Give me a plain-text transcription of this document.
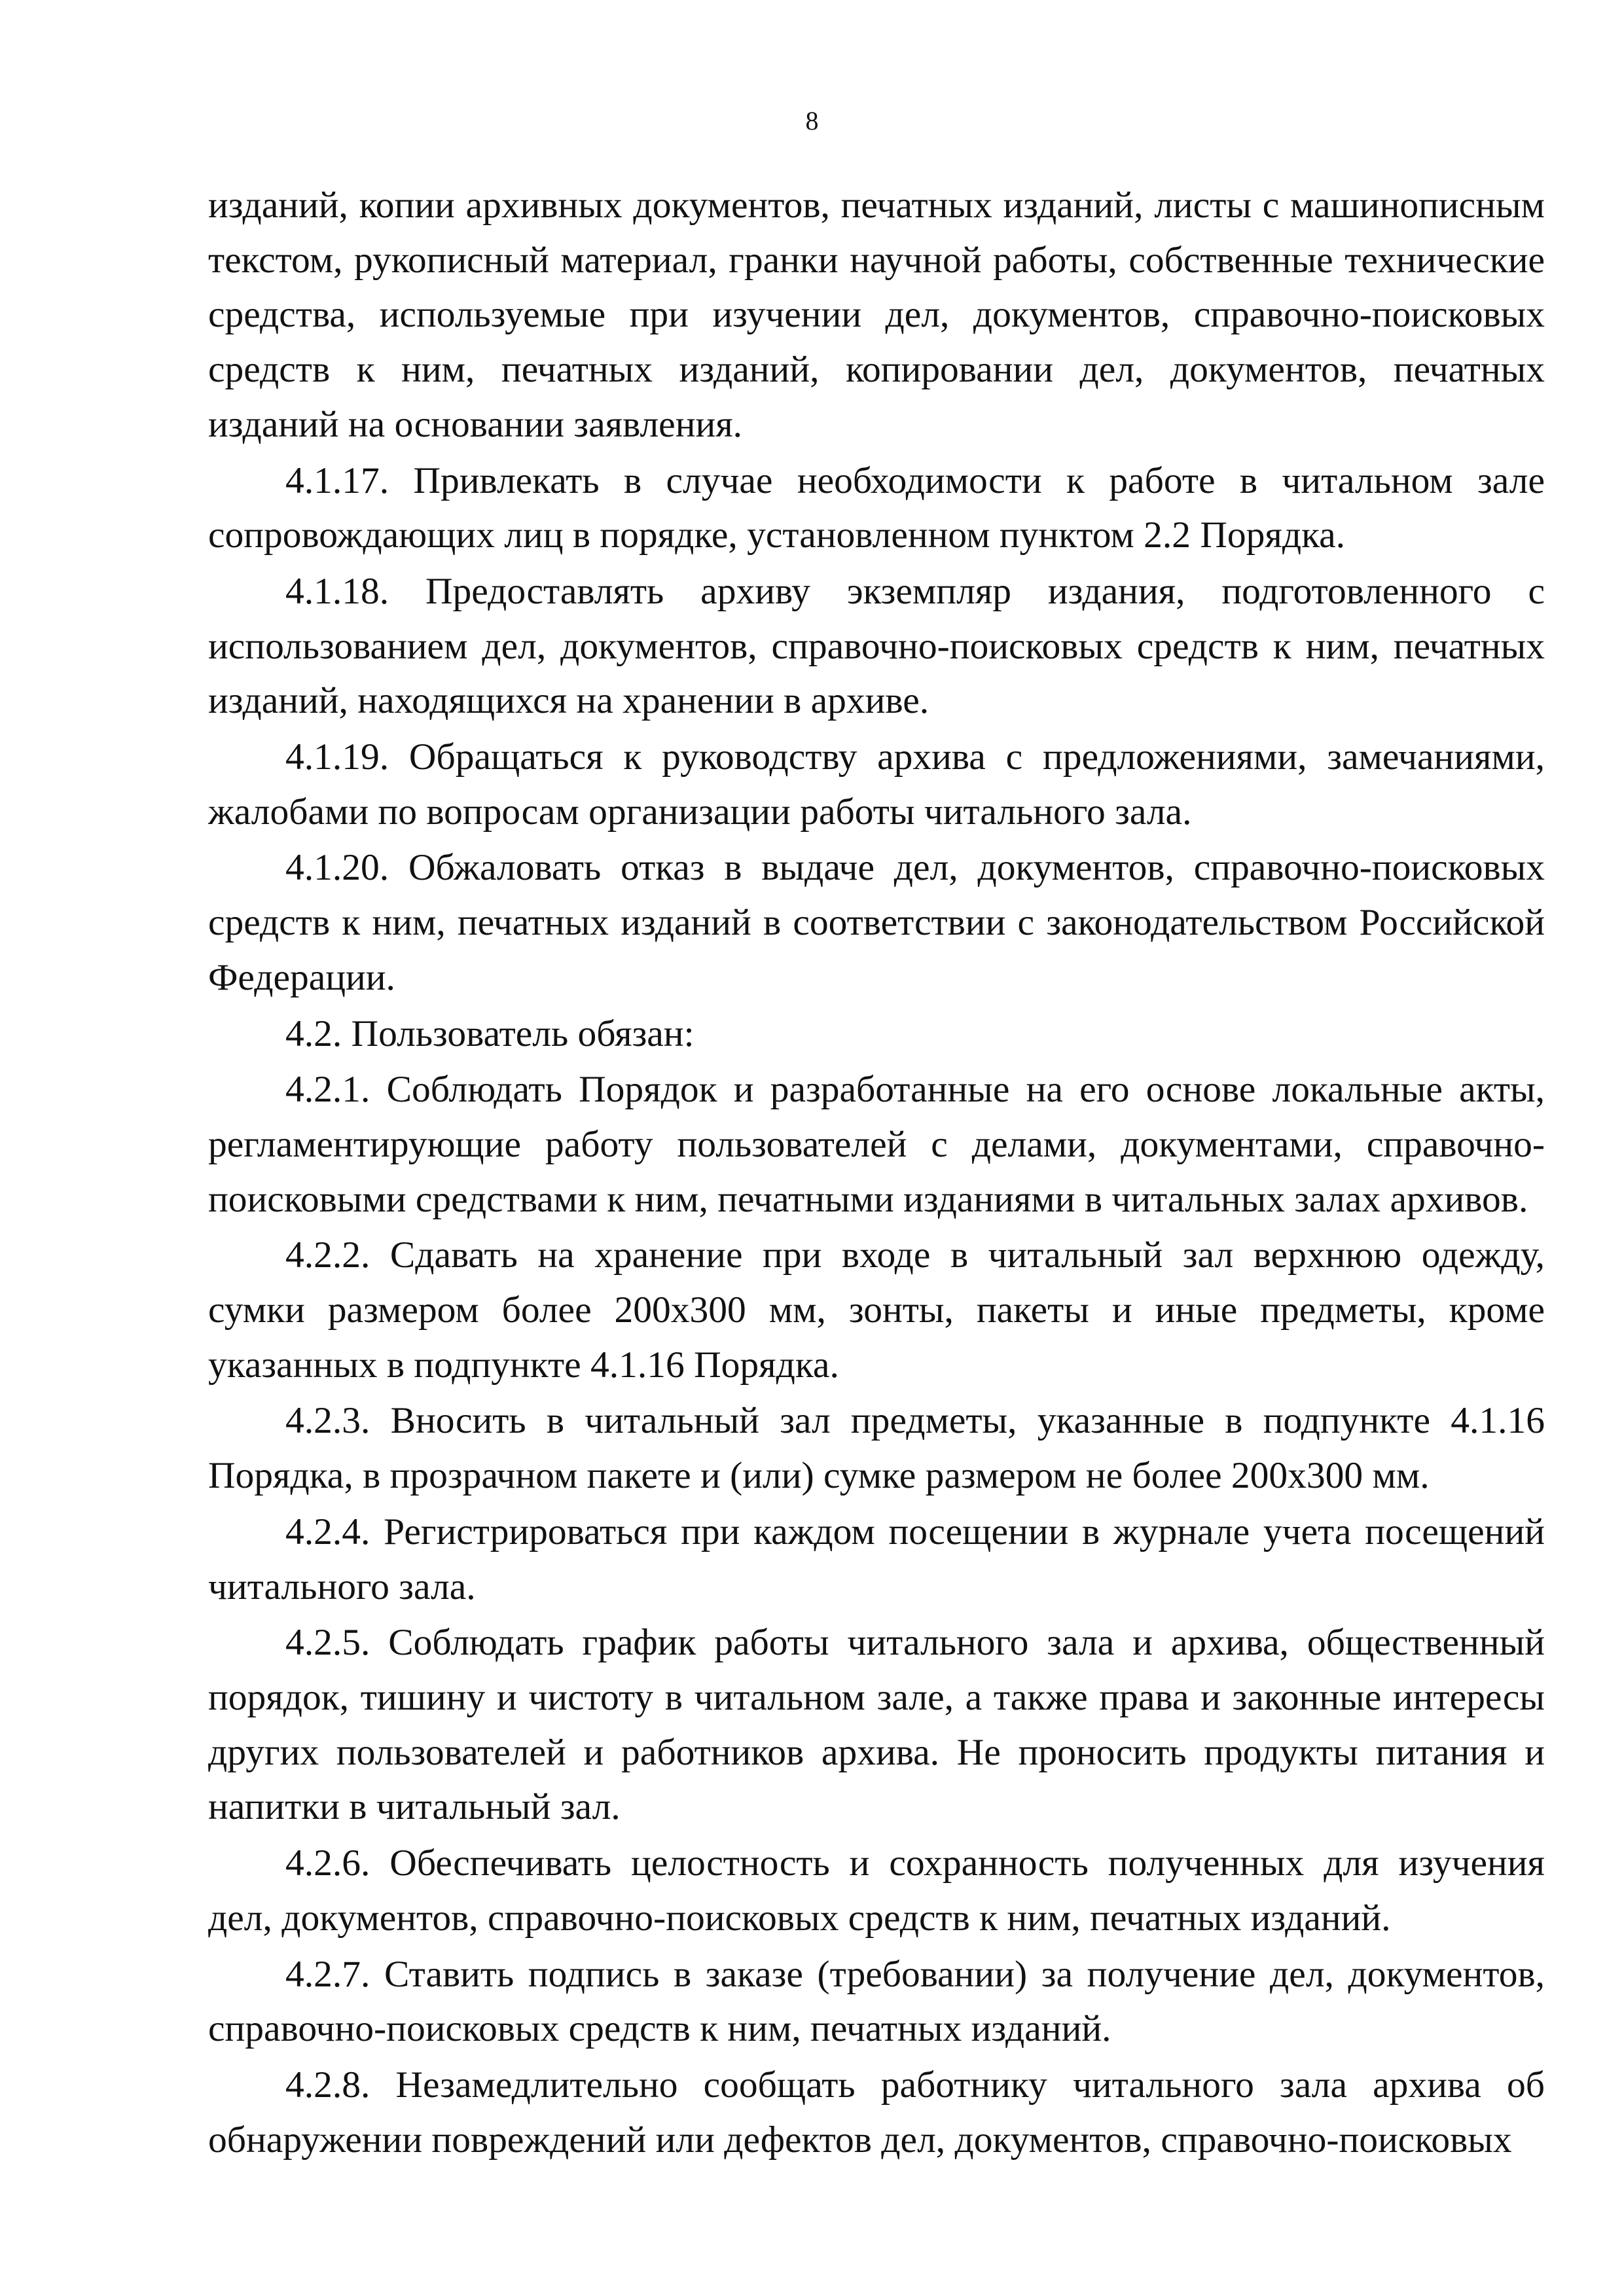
8

изданий, копии архивных документов, печатных изданий, листы с машинописным текстом, рукописный материал, гранки научной работы, собственные технические средства, используемые при изучении дел, документов, справочно-поисковых средств к ним, печатных изданий, копировании дел, документов, печатных изданий на основании заявления.

4.1.17. Привлекать в случае необходимости к работе в читальном зале сопровождающих лиц в порядке, установленном пунктом 2.2 Порядка.

4.1.18. Предоставлять архиву экземпляр издания, подготовленного с использованием дел, документов, справочно-поисковых средств к ним, печатных изданий, находящихся на хранении в архиве.

4.1.19. Обращаться к руководству архива с предложениями, замечаниями, жалобами по вопросам организации работы читального зала.

4.1.20. Обжаловать отказ в выдаче дел, документов, справочно-поисковых средств к ним, печатных изданий в соответствии с законодательством Российской Федерации.

4.2. Пользователь обязан:

4.2.1. Соблюдать Порядок и разработанные на его основе локальные акты, регламентирующие работу пользователей с делами, документами, справочно-поисковыми средствами к ним, печатными изданиями в читальных залах архивов.

4.2.2. Сдавать на хранение при входе в читальный зал верхнюю одежду, сумки размером более 200x300 мм, зонты, пакеты и иные предметы, кроме указанных в подпункте 4.1.16 Порядка.

4.2.3. Вносить в читальный зал предметы, указанные в подпункте 4.1.16 Порядка, в прозрачном пакете и (или) сумке размером не более 200x300 мм.

4.2.4. Регистрироваться при каждом посещении в журнале учета посещений читального зала.

4.2.5. Соблюдать график работы читального зала и архива, общественный порядок, тишину и чистоту в читальном зале, а также права и законные интересы других пользователей и работников архива. Не проносить продукты питания и напитки в читальный зал.

4.2.6. Обеспечивать целостность и сохранность полученных для изучения дел, документов, справочно-поисковых средств к ним, печатных изданий.

4.2.7. Ставить подпись в заказе (требовании) за получение дел, документов, справочно-поисковых средств к ним, печатных изданий.

4.2.8. Незамедлительно сообщать работнику читального зала архива об обнаружении повреждений или дефектов дел, документов, справочно-поисковых
